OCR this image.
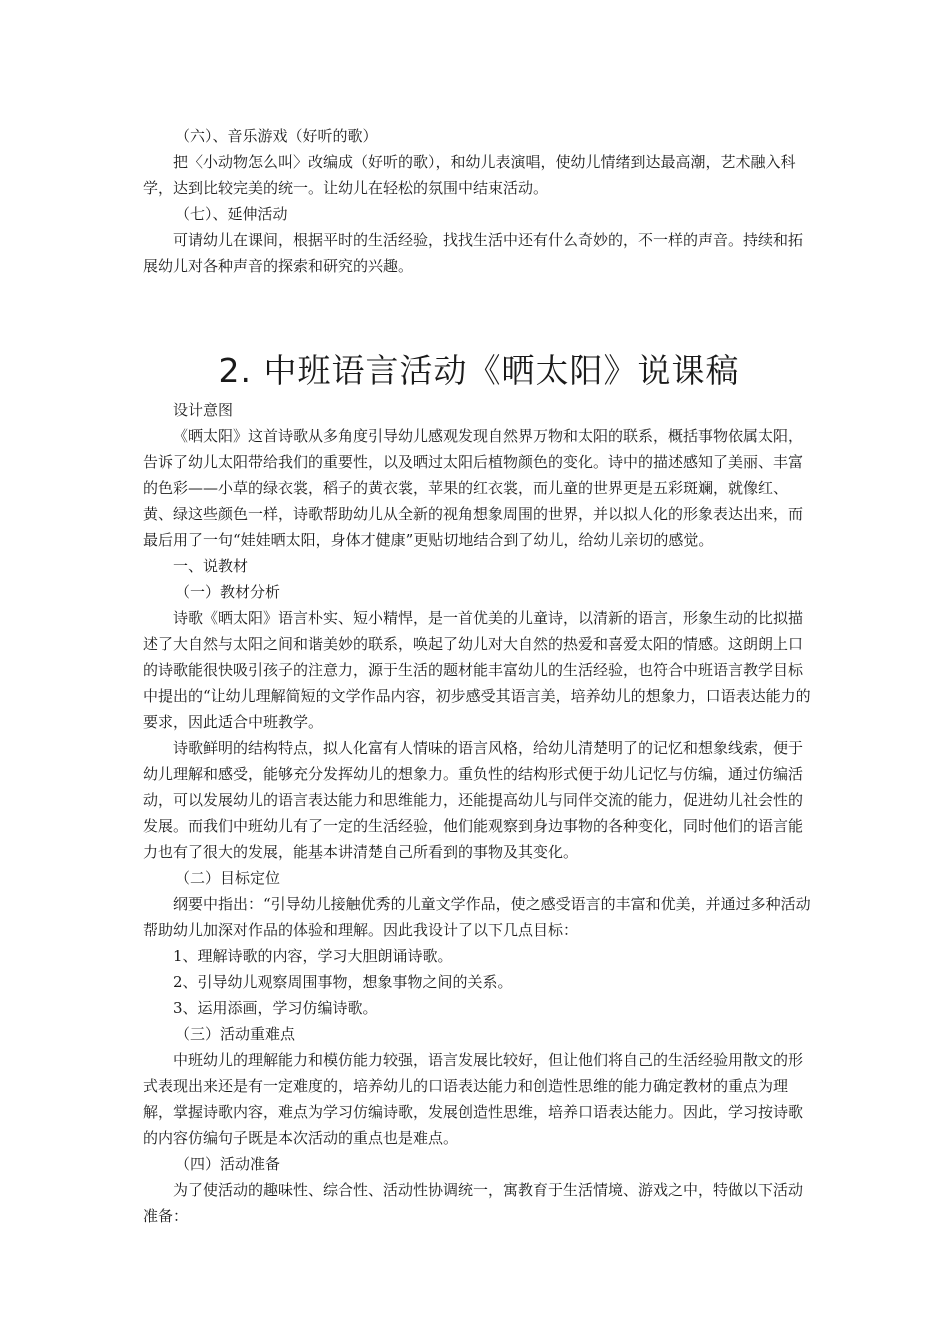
（六）、音乐游戏（好听的歌）

把〈小动物怎么叫〉改编成（好听的歌），和幼儿表演唱，使幼儿情绪到达最高潮，艺术融入科学，达到比较完美的统一。让幼儿在轻松的氛围中结束活动。

（七）、延伸活动

可请幼儿在课间，根据平时的生活经验，找找生活中还有什么奇妙的，不一样的声音。持续和拓展幼儿对各种声音的探索和研究的兴趣。

2. 中班语言活动《晒太阳》说课稿

设计意图

《晒太阳》这首诗歌从多角度引导幼儿感观发现自然界万物和太阳的联系，概括事物依属太阳，告诉了幼儿太阳带给我们的重要性，以及晒过太阳后植物颜色的变化。诗中的描述感知了美丽、丰富的色彩——小草的绿衣裳，稻子的黄衣裳，苹果的红衣裳，而儿童的世界更是五彩斑斓，就像红、黄、绿这些颜色一样，诗歌帮助幼儿从全新的视角想象周围的世界，并以拟人化的形象表达出来，而最后用了一句“娃娃晒太阳，身体才健康”更贴切地结合到了幼儿，给幼儿亲切的感觉。

一、说教材

（一）教材分析

诗歌《晒太阳》语言朴实、短小精悍，是一首优美的儿童诗，以清新的语言，形象生动的比拟描述了大自然与太阳之间和谐美妙的联系，唤起了幼儿对大自然的热爱和喜爱太阳的情感。这朗朗上口的诗歌能很快吸引孩子的注意力，源于生活的题材能丰富幼儿的生活经验，也符合中班语言教学目标中提出的“让幼儿理解简短的文学作品内容，初步感受其语言美，培养幼儿的想象力，口语表达能力的要求，因此适合中班教学。

诗歌鲜明的结构特点，拟人化富有人情味的语言风格，给幼儿清楚明了的记忆和想象线索，便于幼儿理解和感受，能够充分发挥幼儿的想象力。重负性的结构形式便于幼儿记忆与仿编，通过仿编活动，可以发展幼儿的语言表达能力和思维能力，还能提高幼儿与同伴交流的能力，促进幼儿社会性的发展。而我们中班幼儿有了一定的生活经验，他们能观察到身边事物的各种变化，同时他们的语言能力也有了很大的发展，能基本讲清楚自己所看到的事物及其变化。

（二）目标定位

纲要中指出：“引导幼儿接触优秀的儿童文学作品，使之感受语言的丰富和优美，并通过多种活动帮助幼儿加深对作品的体验和理解。因此我设计了以下几点目标：

1、理解诗歌的内容，学习大胆朗诵诗歌。

2、引导幼儿观察周围事物，想象事物之间的关系。

3、运用添画，学习仿编诗歌。

（三）活动重难点

中班幼儿的理解能力和模仿能力较强，语言发展比较好，但让他们将自己的生活经验用散文的形式表现出来还是有一定难度的，培养幼儿的口语表达能力和创造性思维的能力确定教材的重点为理解，掌握诗歌内容，难点为学习仿编诗歌，发展创造性思维，培养口语表达能力。因此，学习按诗歌的内容仿编句子既是本次活动的重点也是难点。

（四）活动准备

为了使活动的趣味性、综合性、活动性协调统一，寓教育于生活情境、游戏之中，特做以下活动准备：
